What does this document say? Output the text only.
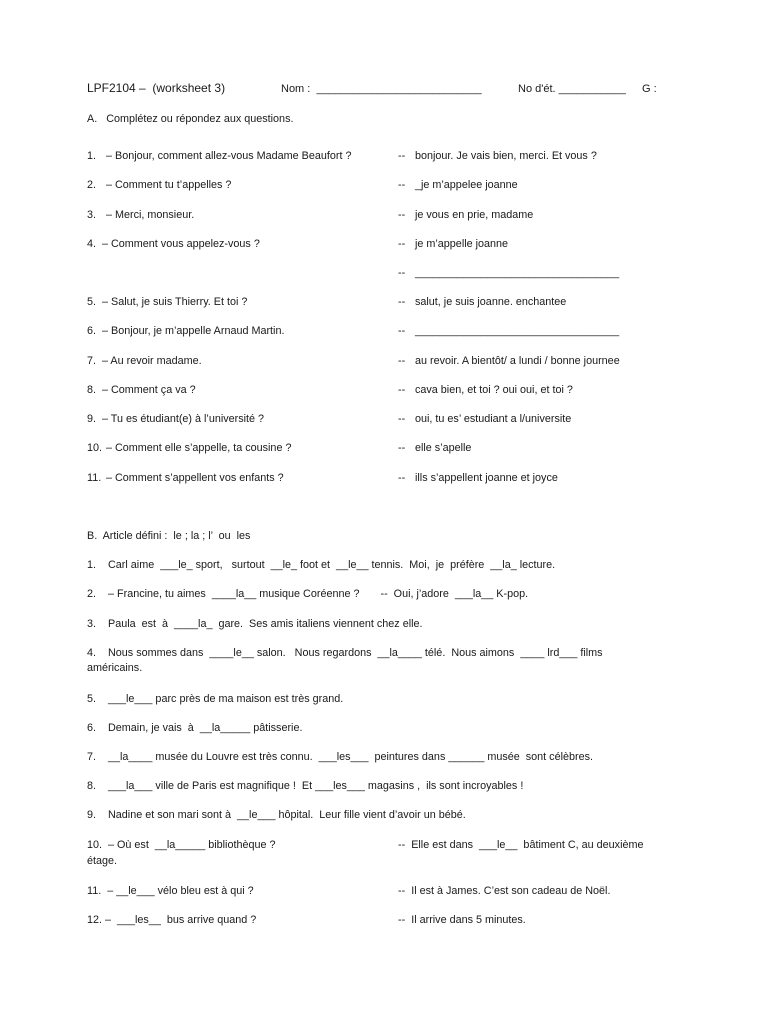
LPF2104 –  (worksheet 3)	Nom :  ___________________________	No d'ét. ___________ G :
A.   Complétez ou répondez aux questions.
1. – Bonjour, comment allez-vous Madame Beaufort ?	-- bonjour. Je vais bien, merci. Et vous ?
2. – Comment tu t’appelles ?	-- _je m’appelee joanne
3. – Merci, monsieur.	-- je vous en prie, madame
4. – Comment vous appelez-vous ?	-- je m’appelle joanne
-- __________________________________
5. – Salut, je suis Thierry. Et toi ?	-- salut, je suis joanne. enchantee
6. – Bonjour, je m’appelle Arnaud Martin.	-- __________________________________
7. – Au revoir madame.	-- au revoir. A bientôt/ a lundi / bonne journee
8. – Comment ça va ?	-- cava bien, et toi ? oui oui, et toi ?
9. – Tu es étudiant(e) à l’université ?	-- oui, tu es’ estudiant a l/universite
10. – Comment elle s’appelle, ta cousine ?	-- elle s’apelle
11. – Comment s’appellent vos enfants ?	-- ills s’appellent joanne et joyce
B.  Article défini :  le ; la ; l’  ou  les
1.    Carl aime  ___le_ sport,   surtout  __le_ foot et  __le__ tennis.  Moi,  je  préfère  __la_ lecture.
2.    – Francine, tu aimes  ____la__ musique Coréenne ?       --  Oui, j’adore  ___la__ K-pop.
3.    Paula  est  à  ____la_  gare.  Ses amis italiens viennent chez elle.
4.    Nous sommes dans  ____le__ salon.   Nous regardons  __la____ télé.  Nous aimons  ____ lrd___ films
américains.
5.    ___le___ parc près de ma maison est très grand.
6.    Demain, je vais  à  __la_____ pâtisserie.
7.    __la____ musée du Louvre est très connu.  ___les___  peintures dans ______ musée  sont célèbres.
8.    ___la___ ville de Paris est magnifique !  Et ___les___ magasins ,  ils sont incroyables !
9.    Nadine et son mari sont à  __le___ hôpital.  Leur fille vient d’avoir un bébé.
10.  – Où est  __la_____ bibliothèque ?	--  Elle est dans  ___le__  bâtiment C, au deuxième
étage.
11.  – __le___ vélo bleu est à qui ?	--  Il est à James. C’est son cadeau de Noël.
12. –  ___les__  bus arrive quand ?	--  Il arrive dans 5 minutes.
